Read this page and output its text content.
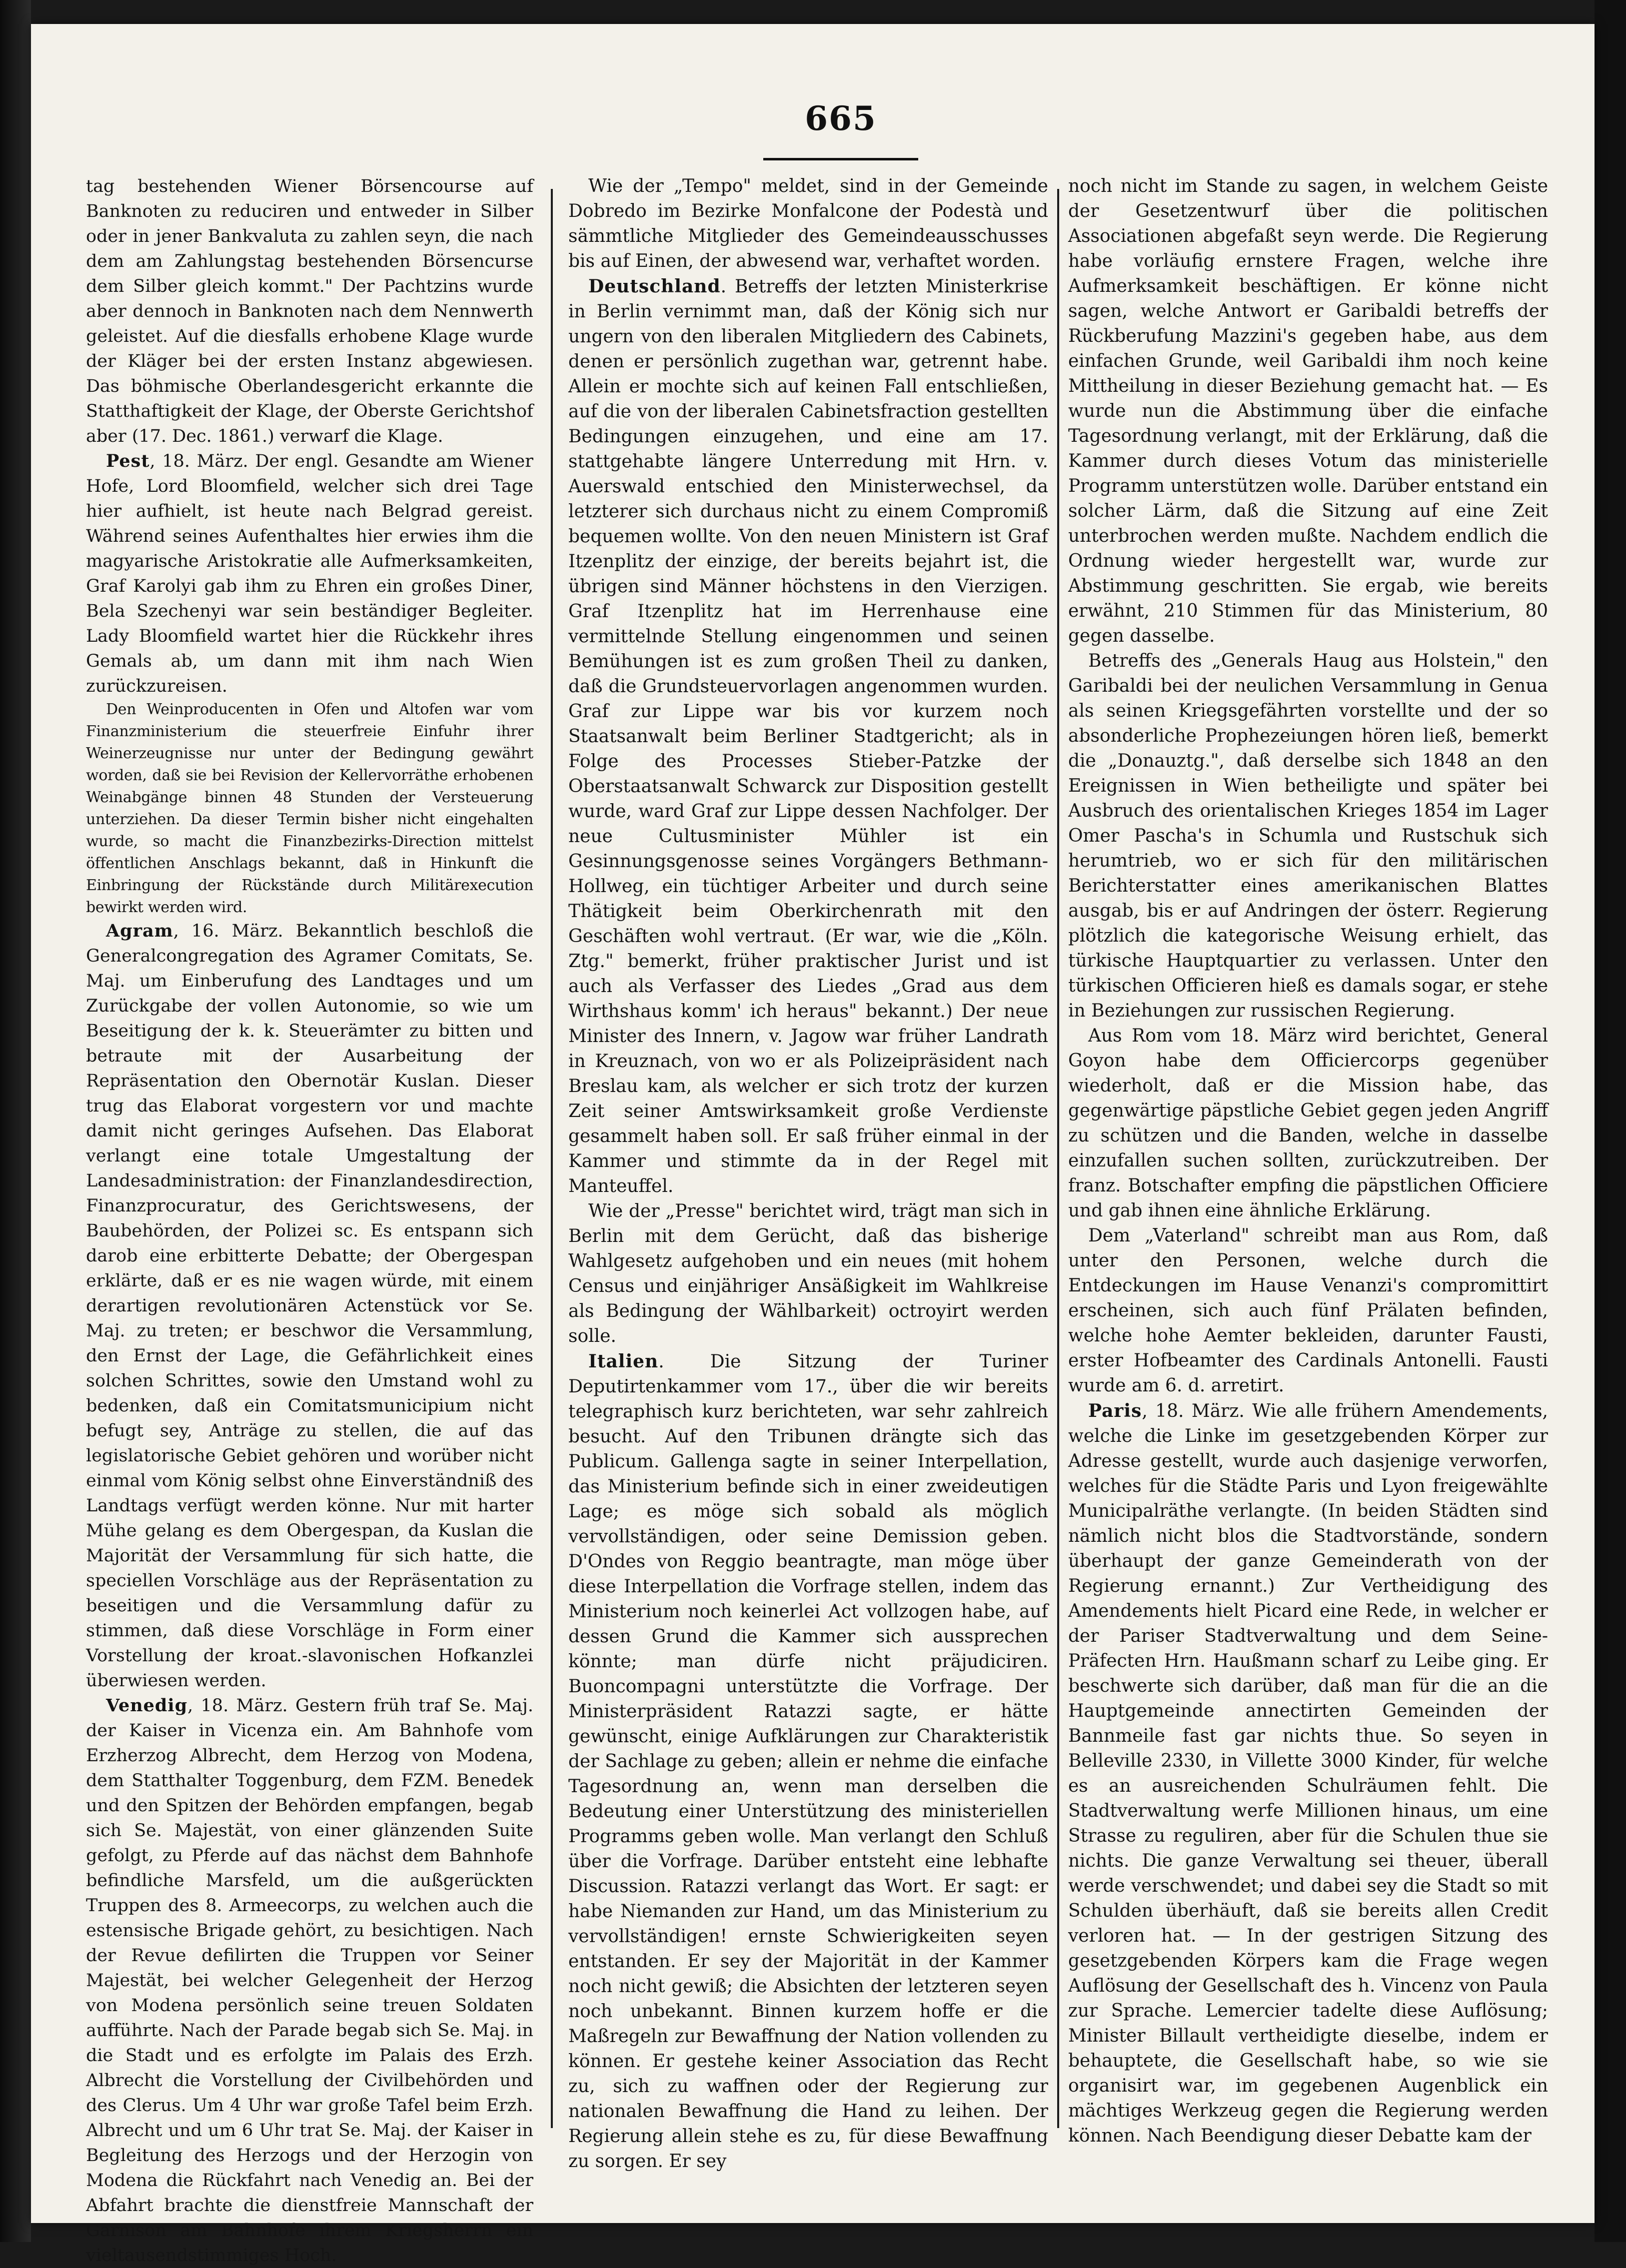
665

tag bestehenden Wiener Börsencourse auf Banknoten zu reduciren und entweder in Silber oder in jener Bankvaluta zu zahlen seyn, die nach dem am Zahlungstag bestehenden Börsencurse dem Silber gleich kommt." Der Pachtzins wurde aber dennoch in Banknoten nach dem Nennwerth geleistet. Auf die diesfalls erhobene Klage wurde der Kläger bei der ersten Instanz abgewiesen. Das böhmische Oberlandesgericht erkannte die Statthaftigkeit der Klage, der Oberste Gerichtshof aber (17. Dec. 1861.) verwarf die Klage.

Pest, 18. März. Der engl. Gesandte am Wiener Hofe, Lord Bloomfield, welcher sich drei Tage hier aufhielt, ist heute nach Belgrad gereist. Während seines Aufenthaltes hier erwies ihm die magyarische Aristokratie alle Aufmerksamkeiten, Graf Karolyi gab ihm zu Ehren ein großes Diner, Bela Szechenyi war sein beständiger Begleiter. Lady Bloomfield wartet hier die Rückkehr ihres Gemals ab, um dann mit ihm nach Wien zurückzureisen.

Den Weinproducenten in Ofen und Altofen war vom Finanzministerium die steuerfreie Einfuhr ihrer Weinerzeugnisse nur unter der Bedingung gewährt worden, daß sie bei Revision der Kellervorräthe erhobenen Weinabgänge binnen 48 Stunden der Versteuerung unterziehen. Da dieser Termin bisher nicht eingehalten wurde, so macht die Finanzbezirks-Direction mittelst öffentlichen Anschlags bekannt, daß in Hinkunft die Einbringung der Rückstände durch Militärexecution bewirkt werden wird.

Agram, 16. März. Bekanntlich beschloß die Generalcongregation des Agramer Comitats, Se. Maj. um Einberufung des Landtages und um Zurückgabe der vollen Autonomie, so wie um Beseitigung der k. k. Steuerämter zu bitten und betraute mit der Ausarbeitung der Repräsentation den Obernotär Kuslan. Dieser trug das Elaborat vorgestern vor und machte damit nicht geringes Aufsehen. Das Elaborat verlangt eine totale Umgestaltung der Landesadministration: der Finanzlandesdirection, Finanzprocuratur, des Gerichtswesens, der Baubehörden, der Polizei sc. Es entspann sich darob eine erbitterte Debatte; der Obergespan erklärte, daß er es nie wagen würde, mit einem derartigen revolutionären Actenstück vor Se. Maj. zu treten; er beschwor die Versammlung, den Ernst der Lage, die Gefährlichkeit eines solchen Schrittes, sowie den Umstand wohl zu bedenken, daß ein Comitatsmunicipium nicht befugt sey, Anträge zu stellen, die auf das legislatorische Gebiet gehören und worüber nicht einmal vom König selbst ohne Einverständniß des Landtags verfügt werden könne. Nur mit harter Mühe gelang es dem Obergespan, da Kuslan die Majorität der Versammlung für sich hatte, die speciellen Vorschläge aus der Repräsentation zu beseitigen und die Versammlung dafür zu stimmen, daß diese Vorschläge in Form einer Vorstellung der kroat.-slavonischen Hofkanzlei überwiesen werden.

Venedig, 18. März. Gestern früh traf Se. Maj. der Kaiser in Vicenza ein. Am Bahnhofe vom Erzherzog Albrecht, dem Herzog von Modena, dem Statthalter Toggenburg, dem FZM. Benedek und den Spitzen der Behörden empfangen, begab sich Se. Majestät, von einer glänzenden Suite gefolgt, zu Pferde auf das nächst dem Bahnhofe befindliche Marsfeld, um die außgerückten Truppen des 8. Armeecorps, zu welchen auch die estensische Brigade gehört, zu besichtigen. Nach der Revue defilirten die Truppen vor Seiner Majestät, bei welcher Gelegenheit der Herzog von Modena persönlich seine treuen Soldaten aufführte. Nach der Parade begab sich Se. Maj. in die Stadt und es erfolgte im Palais des Erzh. Albrecht die Vorstellung der Civilbehörden und des Clerus. Um 4 Uhr war große Tafel beim Erzh. Albrecht und um 6 Uhr trat Se. Maj. der Kaiser in Begleitung des Herzogs und der Herzogin von Modena die Rückfahrt nach Venedig an. Bei der Abfahrt brachte die dienstfreie Mannschaft der Garnison am Bahnhofe ihrem Kriegsherrn ein vieltausendstimmiges Hoch.

Wie der „Tempo" meldet, sind in der Gemeinde Dobredo im Bezirke Monfalcone der Podestà und sämmtliche Mitglieder des Gemeindeausschusses bis auf Einen, der abwesend war, verhaftet worden.

Deutschland. Betreffs der letzten Ministerkrise in Berlin vernimmt man, daß der König sich nur ungern von den liberalen Mitgliedern des Cabinets, denen er persönlich zugethan war, getrennt habe. Allein er mochte sich auf keinen Fall entschließen, auf die von der liberalen Cabinetsfraction gestellten Bedingungen einzugehen, und eine am 17. stattgehabte längere Unterredung mit Hrn. v. Auerswald entschied den Ministerwechsel, da letzterer sich durchaus nicht zu einem Compromiß bequemen wollte. Von den neuen Ministern ist Graf Itzenplitz der einzige, der bereits bejahrt ist, die übrigen sind Männer höchstens in den Vierzigen. Graf Itzenplitz hat im Herrenhause eine vermittelnde Stellung eingenommen und seinen Bemühungen ist es zum großen Theil zu danken, daß die Grundsteuervorlagen angenommen wurden. Graf zur Lippe war bis vor kurzem noch Staatsanwalt beim Berliner Stadtgericht; als in Folge des Processes Stieber-Patzke der Oberstaatsanwalt Schwarck zur Disposition gestellt wurde, ward Graf zur Lippe dessen Nachfolger. Der neue Cultusminister Mühler ist ein Gesinnungsgenosse seines Vorgängers Bethmann-Hollweg, ein tüchtiger Arbeiter und durch seine Thätigkeit beim Oberkirchenrath mit den Geschäften wohl vertraut. (Er war, wie die „Köln. Ztg." bemerkt, früher praktischer Jurist und ist auch als Verfasser des Liedes „Grad aus dem Wirthshaus komm' ich heraus" bekannt.) Der neue Minister des Innern, v. Jagow war früher Landrath in Kreuznach, von wo er als Polizeipräsident nach Breslau kam, als welcher er sich trotz der kurzen Zeit seiner Amtswirksamkeit große Verdienste gesammelt haben soll. Er saß früher einmal in der Kammer und stimmte da in der Regel mit Manteuffel.

Wie der „Presse" berichtet wird, trägt man sich in Berlin mit dem Gerücht, daß das bisherige Wahlgesetz aufgehoben und ein neues (mit hohem Census und einjähriger Ansäßigkeit im Wahlkreise als Bedingung der Wählbarkeit) octroyirt werden solle.

Italien. Die Sitzung der Turiner Deputirtenkammer vom 17., über die wir bereits telegraphisch kurz berichteten, war sehr zahlreich besucht. Auf den Tribunen drängte sich das Publicum. Gallenga sagte in seiner Interpellation, das Ministerium befinde sich in einer zweideutigen Lage; es möge sich sobald als möglich vervollständigen, oder seine Demission geben. D'Ondes von Reggio beantragte, man möge über diese Interpellation die Vorfrage stellen, indem das Ministerium noch keinerlei Act vollzogen habe, auf dessen Grund die Kammer sich aussprechen könnte; man dürfe nicht präjudiciren. Buoncompagni unterstützte die Vorfrage. Der Ministerpräsident Ratazzi sagte, er hätte gewünscht, einige Aufklärungen zur Charakteristik der Sachlage zu geben; allein er nehme die einfache Tagesordnung an, wenn man derselben die Bedeutung einer Unterstützung des ministeriellen Programms geben wolle. Man verlangt den Schluß über die Vorfrage. Darüber entsteht eine lebhafte Discussion. Ratazzi verlangt das Wort. Er sagt: er habe Niemanden zur Hand, um das Ministerium zu vervollständigen! ernste Schwierigkeiten seyen entstanden. Er sey der Majorität in der Kammer noch nicht gewiß; die Absichten der letzteren seyen noch unbekannt. Binnen kurzem hoffe er die Maßregeln zur Bewaffnung der Nation vollenden zu können. Er gestehe keiner Association das Recht zu, sich zu waffnen oder der Regierung zur nationalen Bewaffnung die Hand zu leihen. Der Regierung allein stehe es zu, für diese Bewaffnung zu sorgen. Er sey

noch nicht im Stande zu sagen, in welchem Geiste der Gesetzentwurf über die politischen Associationen abgefaßt seyn werde. Die Regierung habe vorläufig ernstere Fragen, welche ihre Aufmerksamkeit beschäftigen. Er könne nicht sagen, welche Antwort er Garibaldi betreffs der Rückberufung Mazzini's gegeben habe, aus dem einfachen Grunde, weil Garibaldi ihm noch keine Mittheilung in dieser Beziehung gemacht hat. — Es wurde nun die Abstimmung über die einfache Tagesordnung verlangt, mit der Erklärung, daß die Kammer durch dieses Votum das ministerielle Programm unterstützen wolle. Darüber entstand ein solcher Lärm, daß die Sitzung auf eine Zeit unterbrochen werden mußte. Nachdem endlich die Ordnung wieder hergestellt war, wurde zur Abstimmung geschritten. Sie ergab, wie bereits erwähnt, 210 Stimmen für das Ministerium, 80 gegen dasselbe.

Betreffs des „Generals Haug aus Holstein," den Garibaldi bei der neulichen Versammlung in Genua als seinen Kriegsgefährten vorstellte und der so absonderliche Prophezeiungen hören ließ, bemerkt die „Donauztg.", daß derselbe sich 1848 an den Ereignissen in Wien betheiligte und später bei Ausbruch des orientalischen Krieges 1854 im Lager Omer Pascha's in Schumla und Rustschuk sich herumtrieb, wo er sich für den militärischen Berichterstatter eines amerikanischen Blattes ausgab, bis er auf Andringen der österr. Regierung plötzlich die kategorische Weisung erhielt, das türkische Hauptquartier zu verlassen. Unter den türkischen Officieren hieß es damals sogar, er stehe in Beziehungen zur russischen Regierung.

Aus Rom vom 18. März wird berichtet, General Goyon habe dem Officiercorps gegenüber wiederholt, daß er die Mission habe, das gegenwärtige päpstliche Gebiet gegen jeden Angriff zu schützen und die Banden, welche in dasselbe einzufallen suchen sollten, zurückzutreiben. Der franz. Botschafter empfing die päpstlichen Officiere und gab ihnen eine ähnliche Erklärung.

Dem „Vaterland" schreibt man aus Rom, daß unter den Personen, welche durch die Entdeckungen im Hause Venanzi's compromittirt erscheinen, sich auch fünf Prälaten befinden, welche hohe Aemter bekleiden, darunter Fausti, erster Hofbeamter des Cardinals Antonelli. Fausti wurde am 6. d. arretirt.

Paris, 18. März. Wie alle frühern Amendements, welche die Linke im gesetzgebenden Körper zur Adresse gestellt, wurde auch dasjenige verworfen, welches für die Städte Paris und Lyon freigewählte Municipalräthe verlangte. (In beiden Städten sind nämlich nicht blos die Stadtvorstände, sondern überhaupt der ganze Gemeinderath von der Regierung ernannt.) Zur Vertheidigung des Amendements hielt Picard eine Rede, in welcher er der Pariser Stadtverwaltung und dem Seine-Präfecten Hrn. Haußmann scharf zu Leibe ging. Er beschwerte sich darüber, daß man für die an die Hauptgemeinde annectirten Gemeinden der Bannmeile fast gar nichts thue. So seyen in Belleville 2330, in Villette 3000 Kinder, für welche es an ausreichenden Schulräumen fehlt. Die Stadtverwaltung werfe Millionen hinaus, um eine Strasse zu reguliren, aber für die Schulen thue sie nichts. Die ganze Verwaltung sei theuer, überall werde verschwendet; und dabei sey die Stadt so mit Schulden überhäuft, daß sie bereits allen Credit verloren hat. — In der gestrigen Sitzung des gesetzgebenden Körpers kam die Frage wegen Auflösung der Gesellschaft des h. Vincenz von Paula zur Sprache. Lemercier tadelte diese Auflösung; Minister Billault vertheidigte dieselbe, indem er behauptete, die Gesellschaft habe, so wie sie organisirt war, im gegebenen Augenblick ein mächtiges Werkzeug gegen die Regierung werden können. Nach Beendigung dieser Debatte kam der
